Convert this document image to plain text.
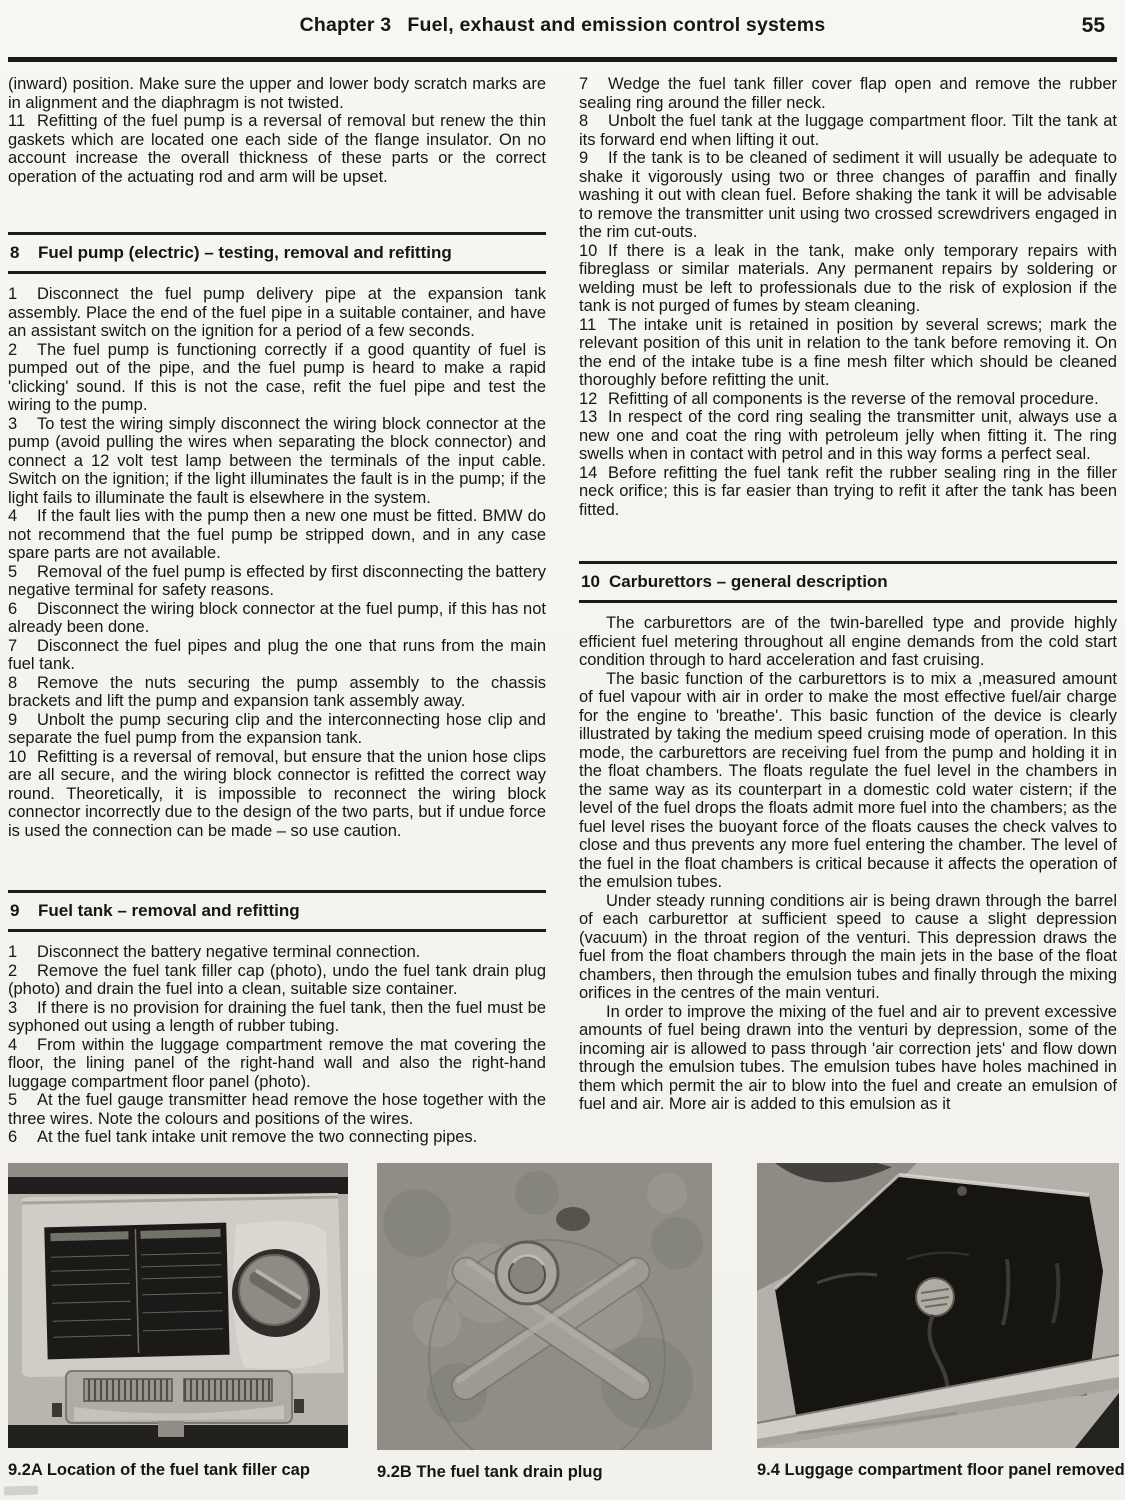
Chapter 3 Fuel, exhaust and emission control systems	55

(inward) position. Make sure the upper and lower body scratch marks are in alignment and the diaphragm is not twisted.

11 Refitting of the fuel pump is a reversal of removal but renew the thin gaskets which are located one each side of the flange insulator. On no account increase the overall thickness of these parts or the correct operation of the actuating rod and arm will be upset.

8	Fuel pump (electric) – testing, removal and refitting

1 Disconnect the fuel pump delivery pipe at the expansion tank assembly. Place the end of the fuel pipe in a suitable container, and have an assistant switch on the ignition for a period of a few seconds.

2 The fuel pump is functioning correctly if a good quantity of fuel is pumped out of the pipe, and the fuel pump is heard to make a rapid 'clicking' sound. If this is not the case, refit the fuel pipe and test the wiring to the pump.

3 To test the wiring simply disconnect the wiring block connector at the pump (avoid pulling the wires when separating the block connector) and connect a 12 volt test lamp between the terminals of the input cable. Switch on the ignition; if the light illuminates the fault is in the pump; if the light fails to illuminate the fault is elsewhere in the system.

4 If the fault lies with the pump then a new one must be fitted. BMW do not recommend that the fuel pump be stripped down, and in any case spare parts are not available.

5 Removal of the fuel pump is effected by first disconnecting the battery negative terminal for safety reasons.

6 Disconnect the wiring block connector at the fuel pump, if this has not already been done.

7 Disconnect the fuel pipes and plug the one that runs from the main fuel tank.

8 Remove the nuts securing the pump assembly to the chassis brackets and lift the pump and expansion tank assembly away.

9 Unbolt the pump securing clip and the interconnecting hose clip and separate the fuel pump from the expansion tank.

10 Refitting is a reversal of removal, but ensure that the union hose clips are all secure, and the wiring block connector is refitted the correct way round. Theoretically, it is impossible to reconnect the wiring block connector incorrectly due to the design of the two parts, but if undue force is used the connection can be made – so use caution.

9	Fuel tank – removal and refitting

1 Disconnect the battery negative terminal connection.

2 Remove the fuel tank filler cap (photo), undo the fuel tank drain plug (photo) and drain the fuel into a clean, suitable size container.

3 If there is no provision for draining the fuel tank, then the fuel must be syphoned out using a length of rubber tubing.

4 From within the luggage compartment remove the mat covering the floor, the lining panel of the right-hand wall and also the right-hand luggage compartment floor panel (photo).

5 At the fuel gauge transmitter head remove the hose together with the three wires. Note the colours and positions of the wires.

6 At the fuel tank intake unit remove the two connecting pipes.

7 Wedge the fuel tank filler cover flap open and remove the rubber sealing ring around the filler neck.

8 Unbolt the fuel tank at the luggage compartment floor. Tilt the tank at its forward end when lifting it out.

9 If the tank is to be cleaned of sediment it will usually be adequate to shake it vigorously using two or three changes of paraffin and finally washing it out with clean fuel. Before shaking the tank it will be advisable to remove the transmitter unit using two crossed screwdrivers engaged in the rim cut-outs.

10 If there is a leak in the tank, make only temporary repairs with fibreglass or similar materials. Any permanent repairs by soldering or welding must be left to professionals due to the risk of explosion if the tank is not purged of fumes by steam cleaning.

11 The intake unit is retained in position by several screws; mark the relevant position of this unit in relation to the tank before removing it. On the end of the intake tube is a fine mesh filter which should be cleaned thoroughly before refitting the unit.

12 Refitting of all components is the reverse of the removal procedure.

13 In respect of the cord ring sealing the transmitter unit, always use a new one and coat the ring with petroleum jelly when fitting it. The ring swells when in contact with petrol and in this way forms a perfect seal.

14 Before refitting the fuel tank refit the rubber sealing ring in the filler neck orifice; this is far easier than trying to refit it after the tank has been fitted.

10 Carburettors – general description

The carburettors are of the twin-barelled type and provide highly efficient fuel metering throughout all engine demands from the cold start condition through to hard acceleration and fast cruising.

The basic function of the carburettors is to mix a ,measured amount of fuel vapour with air in order to make the most effective fuel/air charge for the engine to 'breathe'. This basic function of the device is clearly illustrated by taking the medium speed cruising mode of operation. In this mode, the carburettors are receiving fuel from the pump and holding it in the float chambers. The floats regulate the fuel level in the chambers in the same way as its counterpart in a domestic cold water cistern; if the level of the fuel drops the floats admit more fuel into the chambers; as the fuel level rises the buoyant force of the floats causes the check valves to close and thus prevents any more fuel entering the chamber. The level of the fuel in the float chambers is critical because it affects the operation of the emulsion tubes.

Under steady running conditions air is being drawn through the barrel of each carburettor at sufficient speed to cause a slight depression (vacuum) in the throat region of the venturi. This depression draws the fuel from the float chambers through the main jets in the base of the float chambers, then through the emulsion tubes and finally through the mixing orifices in the centres of the main venturi.

In order to improve the mixing of the fuel and air to prevent excessive amounts of fuel being drawn into the venturi by depression, some of the incoming air is allowed to pass through 'air correction jets' and flow down through the emulsion tubes. The emulsion tubes have holes machined in them which permit the air to blow into the fuel and create an emulsion of fuel and air. More air is added to this emulsion as it

9.2A Location of the fuel tank filler cap	9.2B The fuel tank drain plug	9.4 Luggage compartment floor panel removed
